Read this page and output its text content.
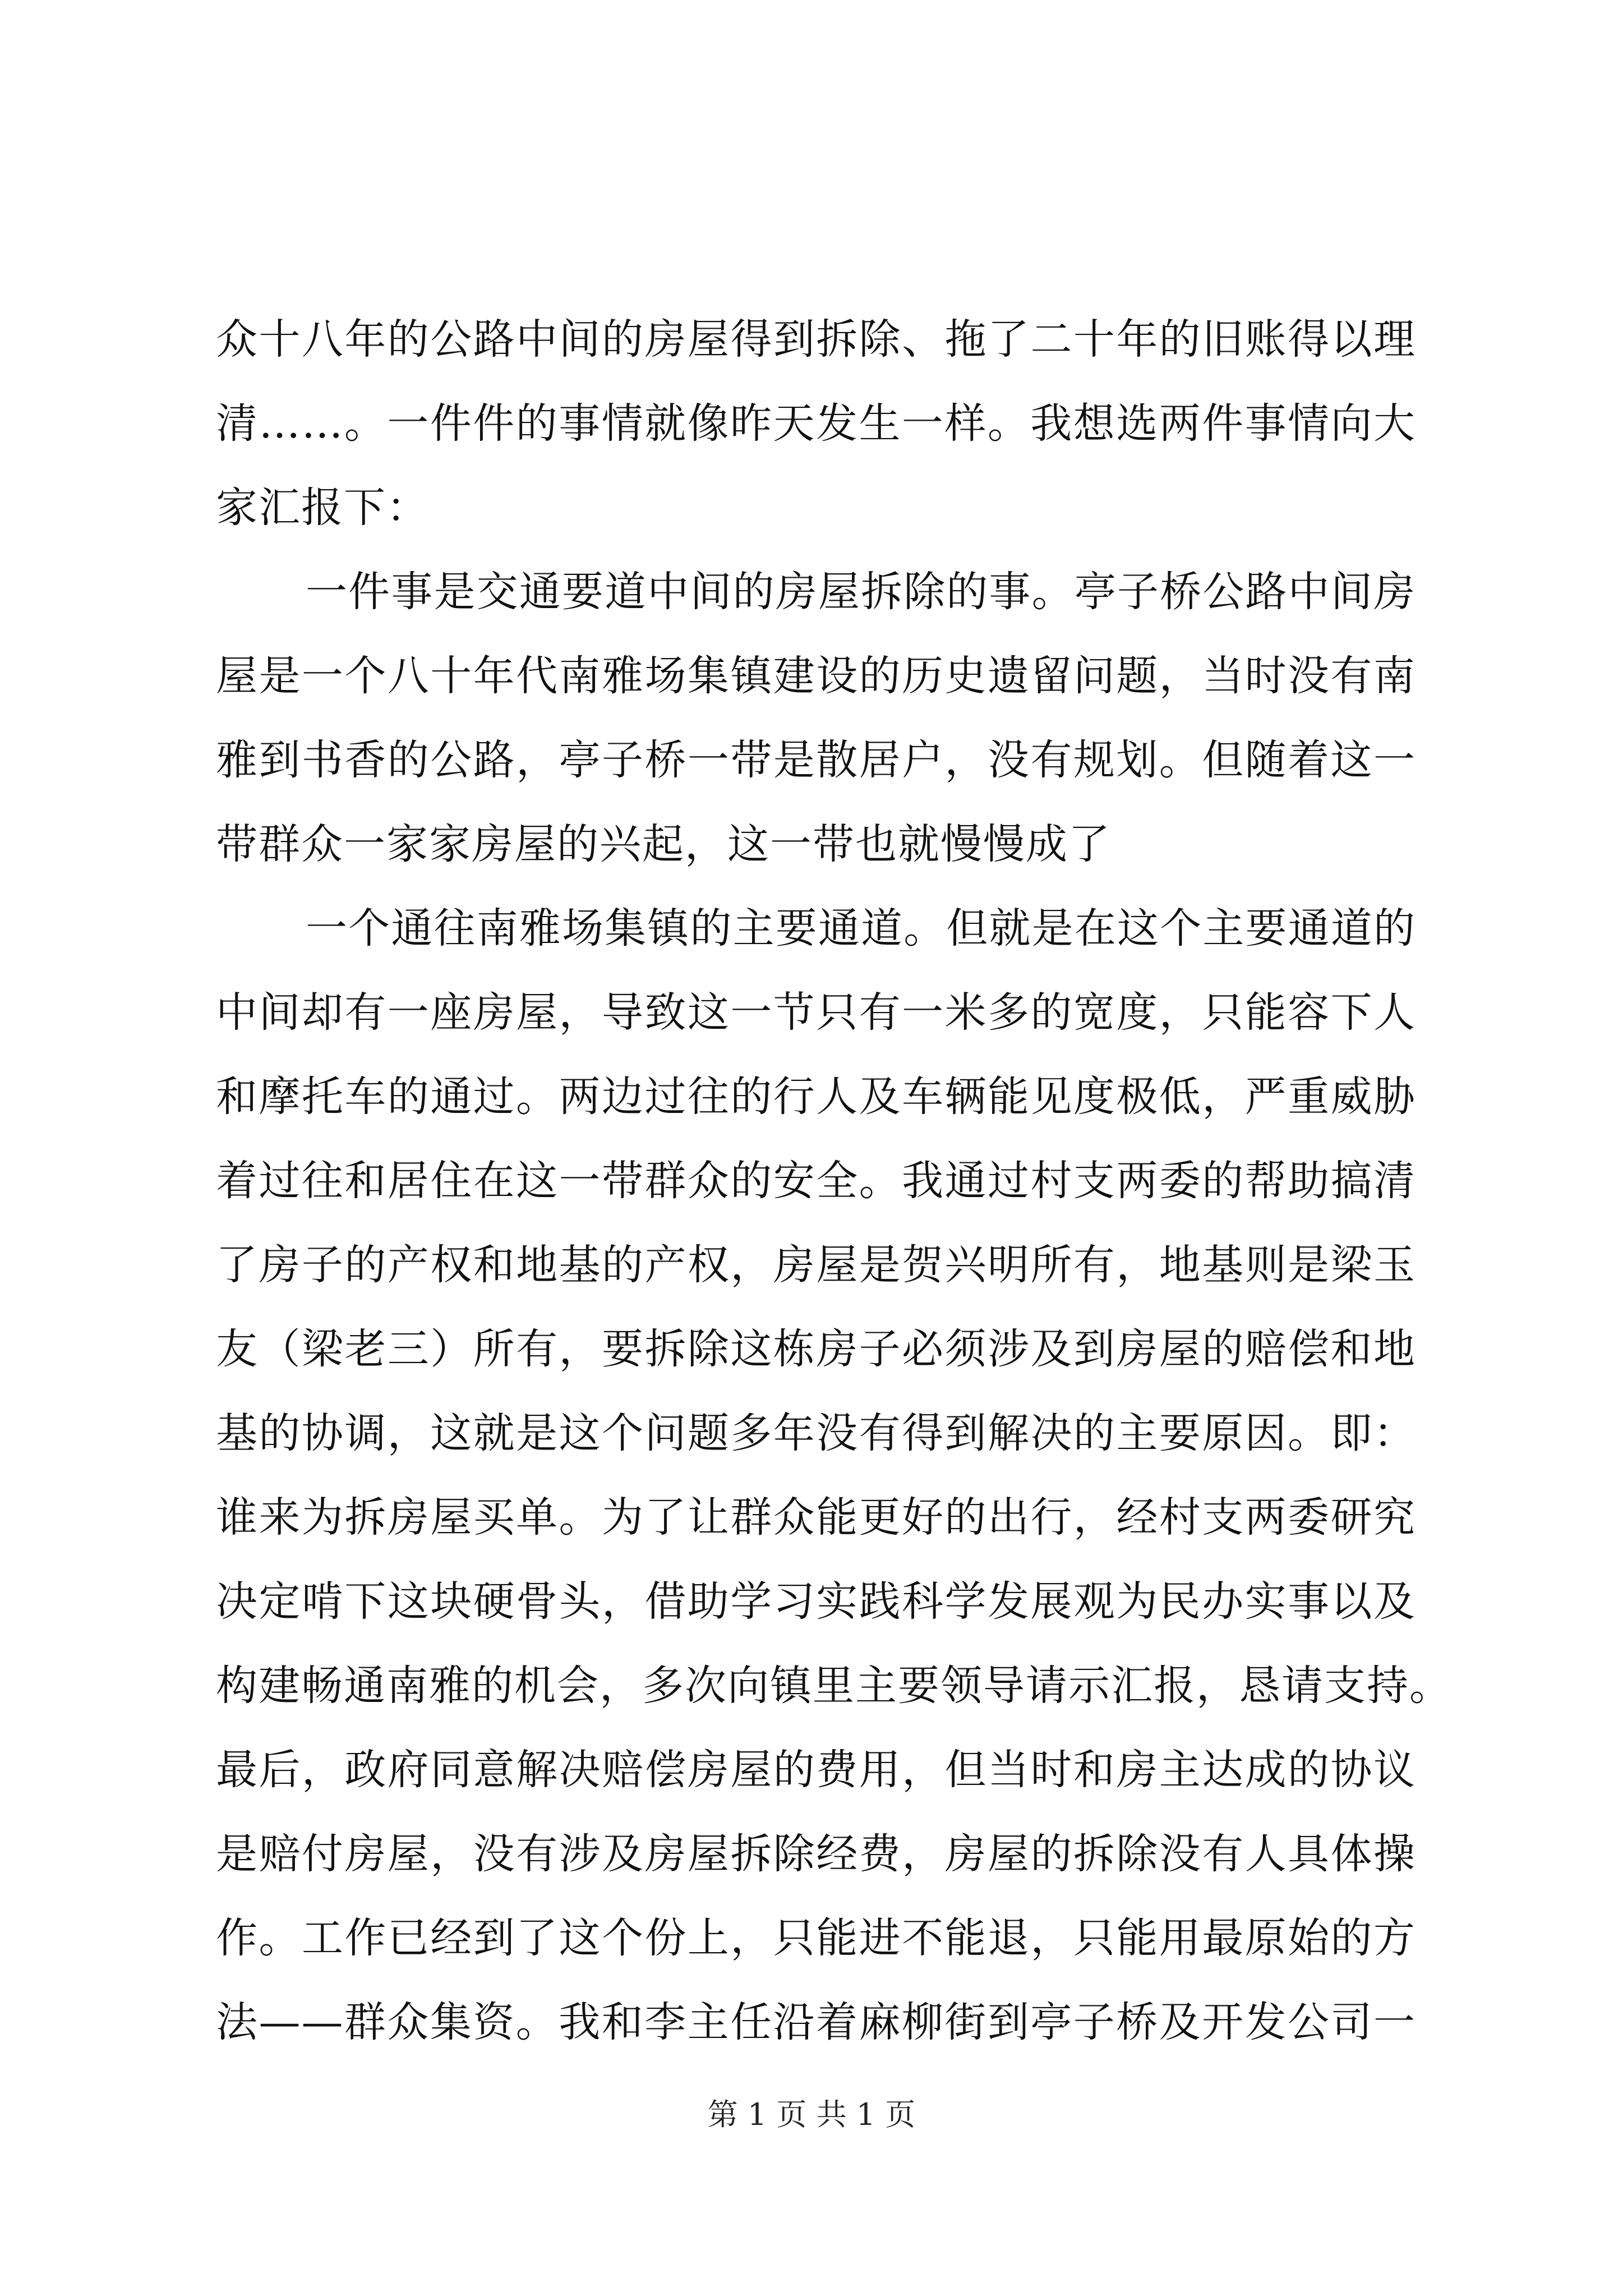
众十八年的公路中间的房屋得到拆除、拖了二十年的旧账得以理
清……。一件件的事情就像昨天发生一样。我想选两件事情向大
家汇报下：
一件事是交通要道中间的房屋拆除的事。亭子桥公路中间房
屋是一个八十年代南雅场集镇建设的历史遗留问题，当时没有南
雅到书香的公路，亭子桥一带是散居户，没有规划。但随着这一
带群众一家家房屋的兴起，这一带也就慢慢成了
一个通往南雅场集镇的主要通道。但就是在这个主要通道的
中间却有一座房屋，导致这一节只有一米多的宽度，只能容下人
和摩托车的通过。两边过往的行人及车辆能见度极低，严重威胁
着过往和居住在这一带群众的安全。我通过村支两委的帮助搞清
了房子的产权和地基的产权，房屋是贺兴明所有，地基则是梁玉
友（梁老三）所有，要拆除这栋房子必须涉及到房屋的赔偿和地
基的协调，这就是这个问题多年没有得到解决的主要原因。即：
谁来为拆房屋买单。为了让群众能更好的出行，经村支两委研究
决定啃下这块硬骨头，借助学习实践科学发展观为民办实事以及
构建畅通南雅的机会，多次向镇里主要领导请示汇报，恳请支持。
最后，政府同意解决赔偿房屋的费用，但当时和房主达成的协议
是赔付房屋，没有涉及房屋拆除经费，房屋的拆除没有人具体操
作。工作已经到了这个份上，只能进不能退，只能用最原始的方
法——群众集资。我和李主任沿着麻柳街到亭子桥及开发公司一
第 1 页 共 1 页
